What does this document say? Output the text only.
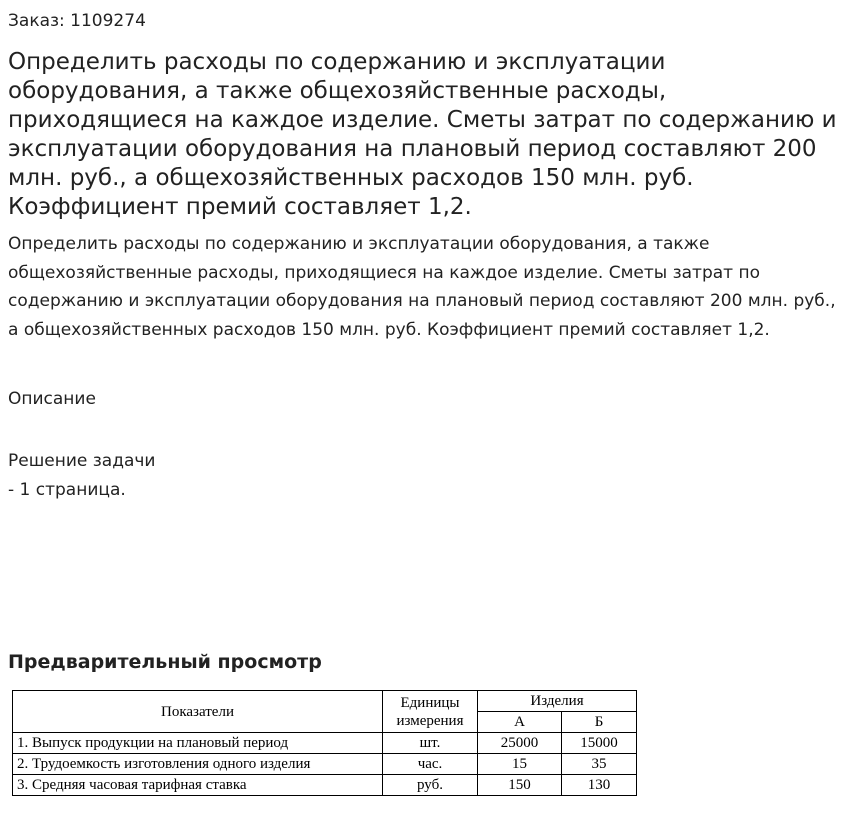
Заказ: 1109274
Определить расходы по содержанию и эксплуатации оборудования, а также общехозяйственные расходы, приходящиеся на каждое изделие. Сметы затрат по содержанию и эксплуатации оборудования на плановый период составляют 200 млн. руб., а общехозяйственных расходов 150 млн. руб. Коэффициент премий составляет 1,2.

Определить расходы по содержанию и эксплуатации оборудования, а также общехозяйственные расходы, приходящиеся на каждое изделие. Сметы затрат по содержанию и эксплуатации оборудования на плановый период составляют 200 млн. руб., а общехозяйственных расходов 150 млн. руб. Коэффициент премий составляет 1,2.

Описание
Решение задачи
- 1 страница.
Предварительный просмотр
Показатели	Единицы измерения	Изделия	
		А	Б
1. Выпуск продукции на плановый период	шт.	25000	15000
2. Трудоемкость изготовления одного изделия	час.	15	35
3. Средняя часовая тарифная ставка	руб.	150	130
